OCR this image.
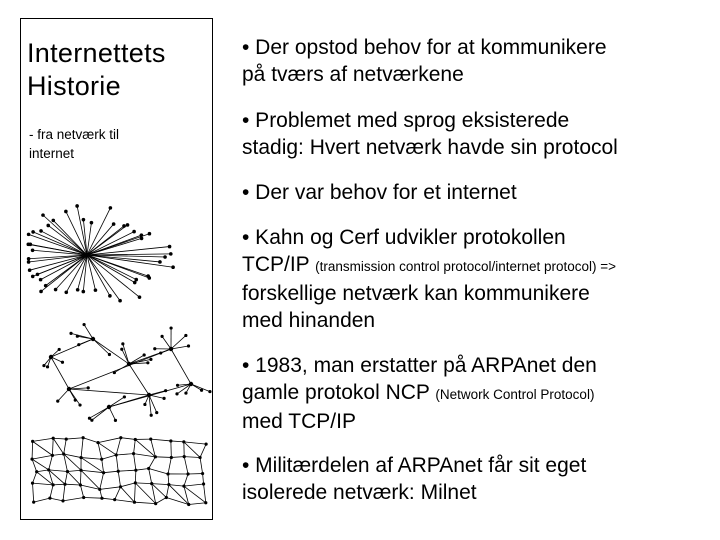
Internettets
Historie
- fra netværk til
internet

• Der opstod behov for at kommunikere
på tværs af netværkene

• Problemet med sprog eksisterede
stadig: Hvert netværk havde sin protocol

• Der var behov for et internet

• Kahn og Cerf udvikler protokollen
TCP/IP (transmission control protocol/internet protocol) =>
forskellige netværk kan kommunikere
med hinanden

• 1983, man erstatter på ARPAnet den
gamle protokol NCP (Network Control Protocol)
med TCP/IP

• Militærdelen af ARPAnet får sit eget
isolerede netværk: Milnet
